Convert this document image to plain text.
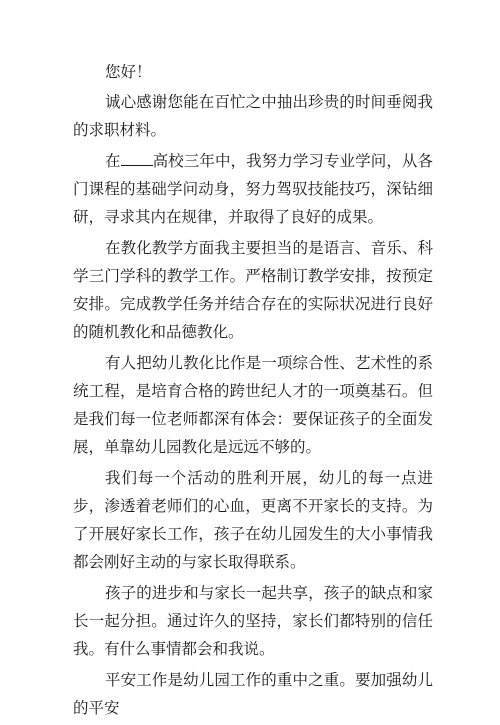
您好！

诚心感谢您能在百忙之中抽出珍贵的时间垂阅我的求职材料。

在 高校三年中，我努力学习专业学问，从各门课程的基础学问动身，努力驾驭技能技巧，深钻细研，寻求其内在规律，并取得了良好的成果。

在教化教学方面我主要担当的是语言、音乐、科学三门学科的教学工作。严格制订教学安排，按预定安排。完成教学任务并结合存在的实际状况进行良好的随机教化和品德教化。

有人把幼儿教化比作是一项综合性、艺术性的系统工程，是培育合格的跨世纪人才的一项奠基石。但是我们每一位老师都深有体会：要保证孩子的全面发展，单靠幼儿园教化是远远不够的。

我们每一个活动的胜利开展，幼儿的每一点进步，渗透着老师们的心血，更离不开家长的支持。为了开展好家长工作，孩子在幼儿园发生的大小事情我都会刚好主动的与家长取得联系。

孩子的进步和与家长一起共享，孩子的缺点和家长一起分担。通过许久的坚持，家长们都特别的信任我。有什么事情都会和我说。

平安工作是幼儿园工作的重中之重。要加强幼儿的平安
